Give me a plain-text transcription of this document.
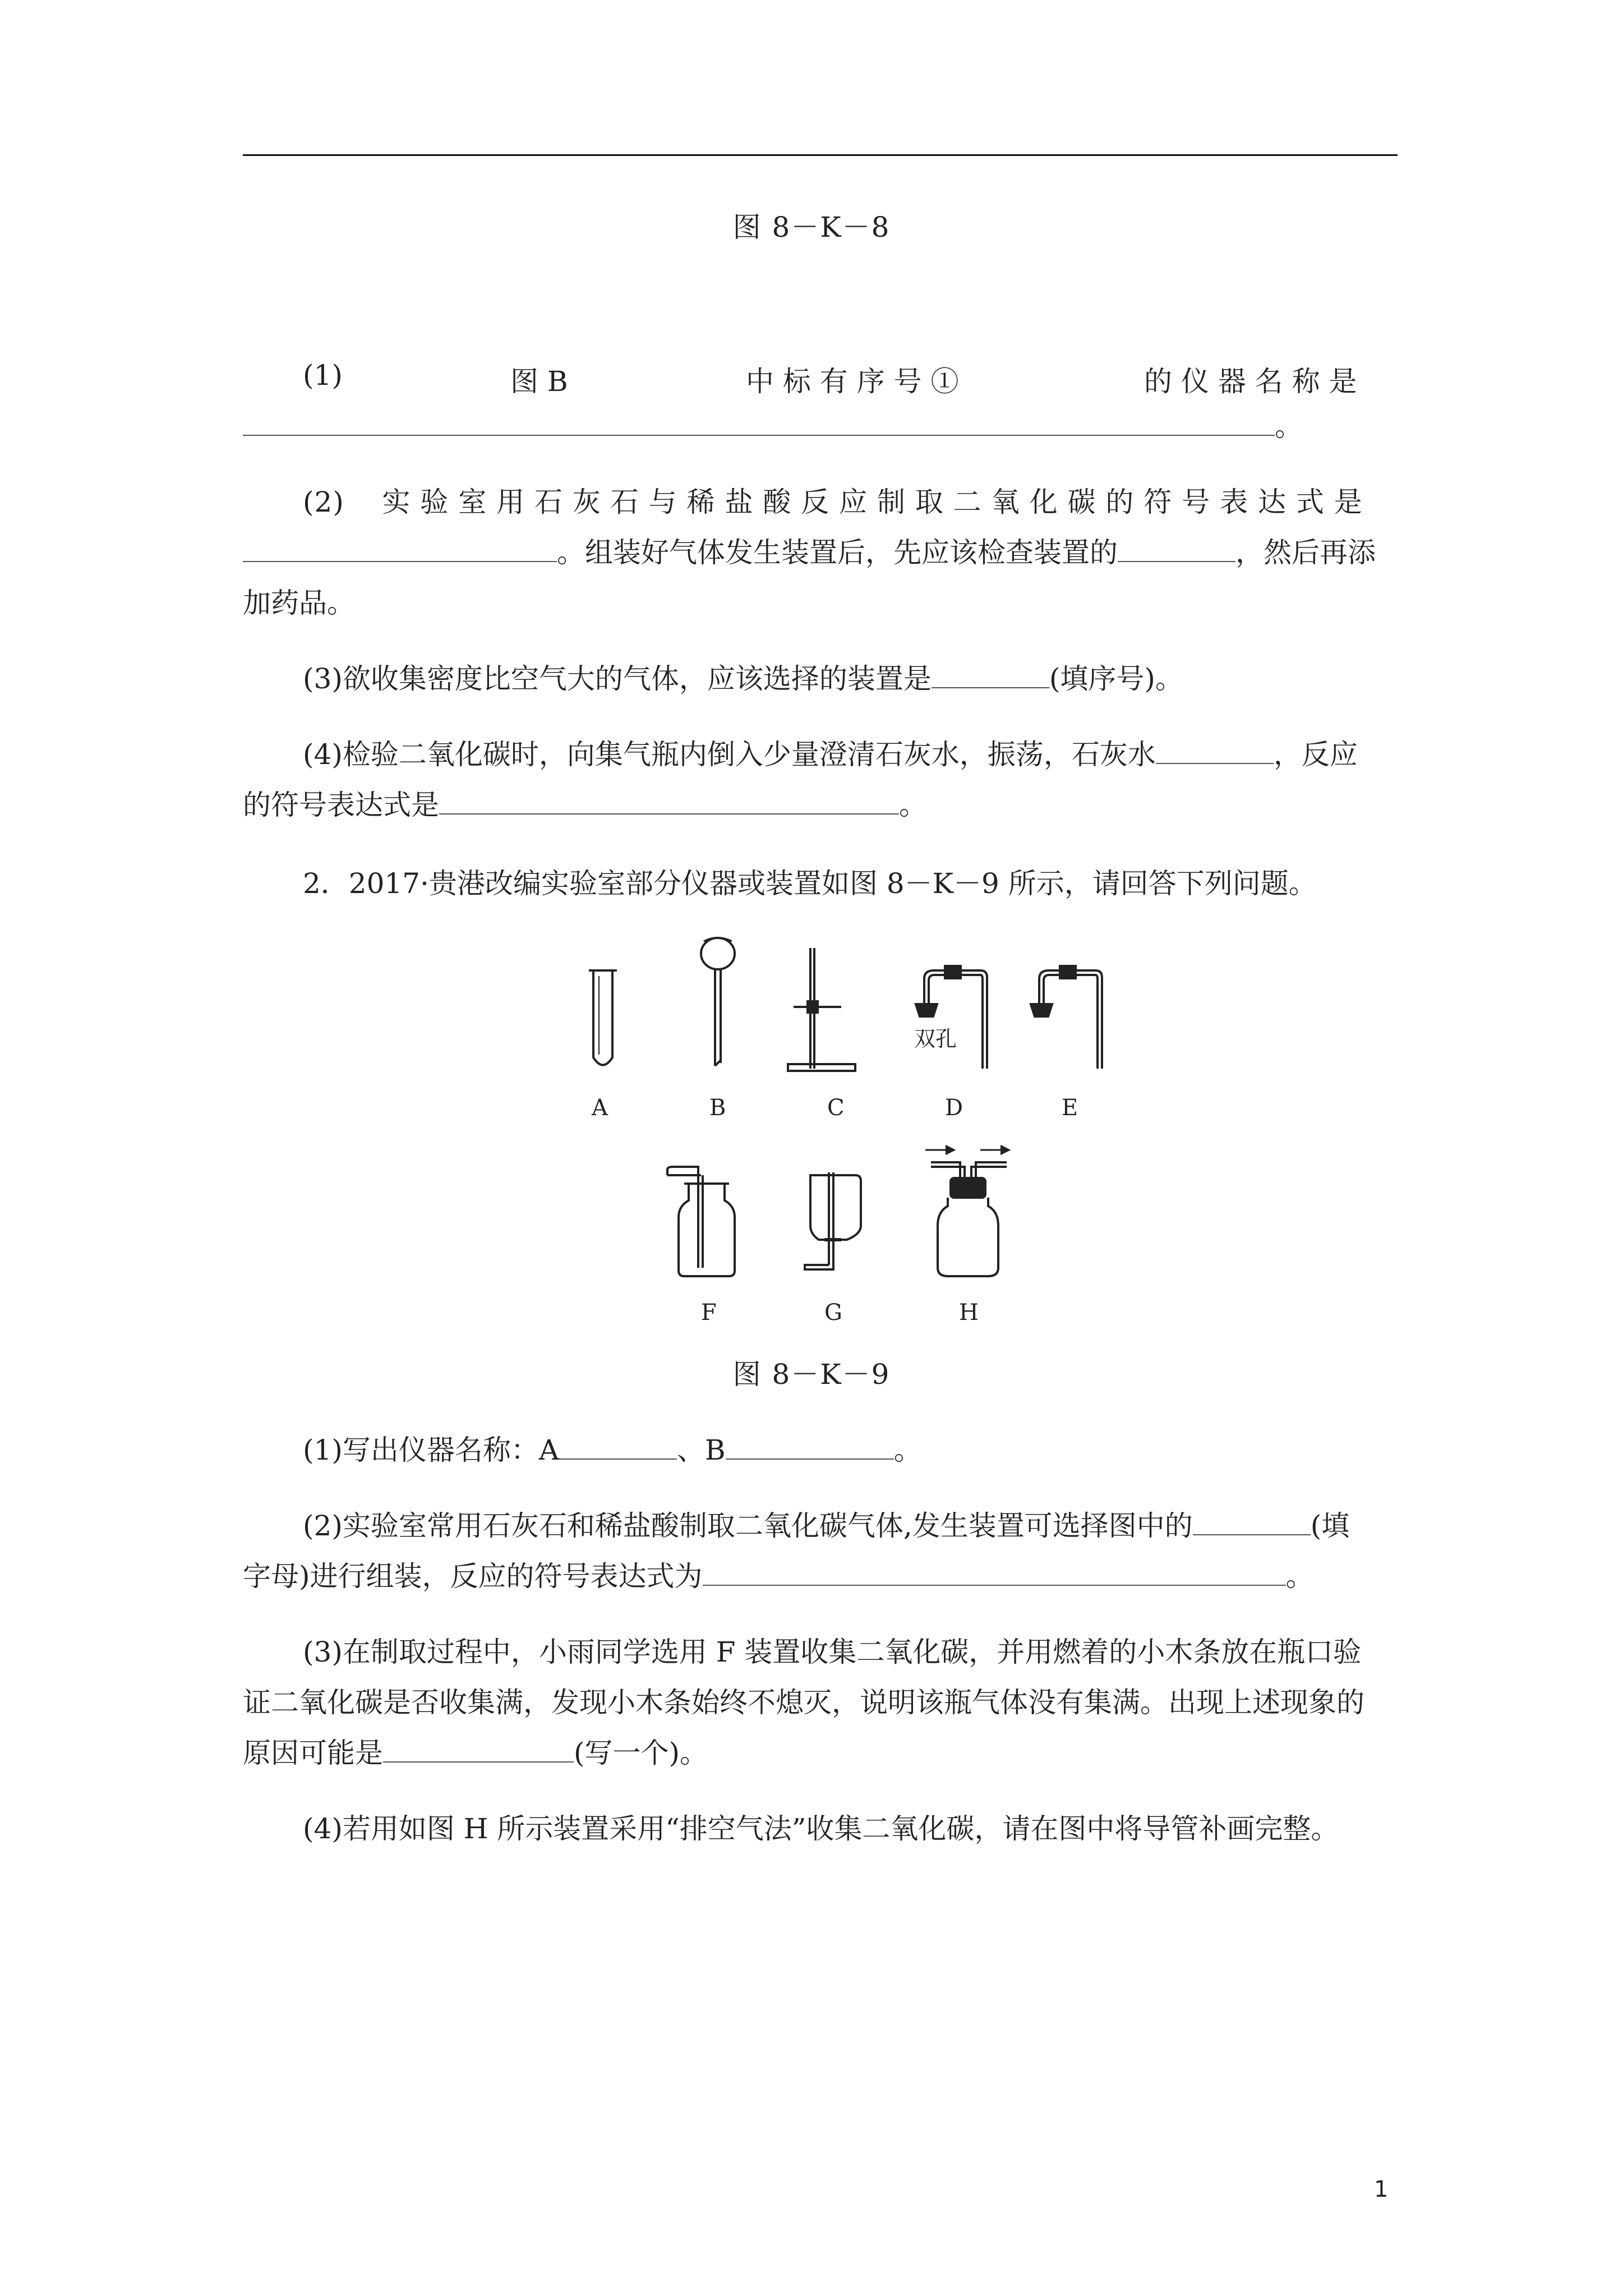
图 8－K－8
(1)	图 B	中 标 有 序 号 ①	的 仪 器 名 称 是
。
(2) 实 验 室 用 石 灰 石 与 稀 盐 酸 反 应 制 取 二 氧 化 碳 的 符 号 表 达 式 是
。组装好气体发生装置后，先应该检查装置的	，然后再添
加药品。
(3)欲收集密度比空气大的气体，应该选择的装置是	(填序号)。
(4)检验二氧化碳时，向集气瓶内倒入少量澄清石灰水，振荡，石灰水	，反应
的符号表达式是	。
2．2017·贵港改编实验室部分仪器或装置如图 8－K－9 所示，请回答下列问题。
A	B	C	D	E
双孔
F	G	H
图 8－K－9
(1)写出仪器名称：A	、B	。
(2)实验室常用石灰石和稀盐酸制取二氧化碳气体,发生装置可选择图中的	(填
字母)进行组装，反应的符号表达式为	。
(3)在制取过程中，小雨同学选用 F 装置收集二氧化碳，并用燃着的小木条放在瓶口验
证二氧化碳是否收集满，发现小木条始终不熄灭，说明该瓶气体没有集满。出现上述现象的
原因可能是	(写一个)。
(4)若用如图 H 所示装置采用“排空气法”收集二氧化碳，请在图中将导管补画完整。
1
